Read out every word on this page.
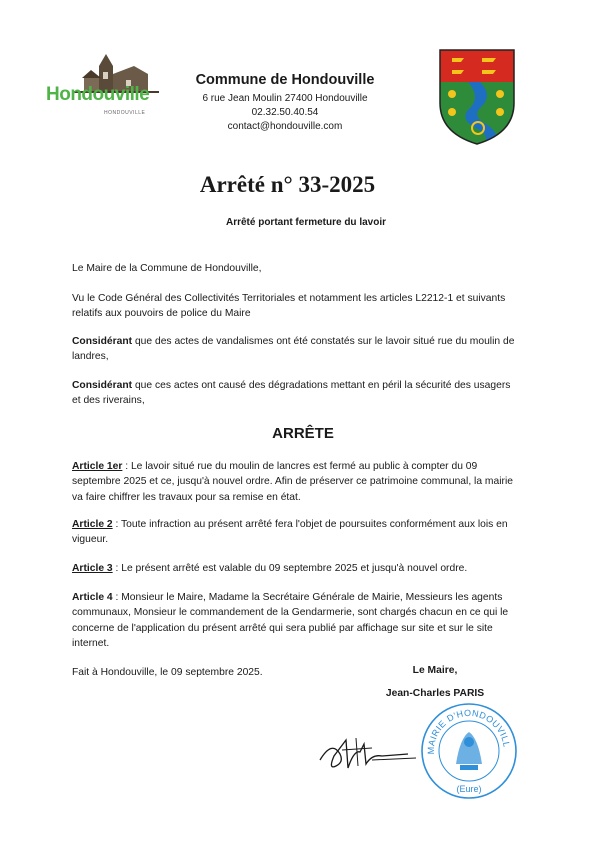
Hondouville
HONDOUVILLE
Commune de Hondouville
6 rue Jean Moulin 27400 Hondouville
02.32.50.40.54
contact@hondouville.com
Arrêté n° 33-2025
Arrêté portant fermeture du lavoir
Le Maire de la Commune de Hondouville,
Vu le Code Général des Collectivités Territoriales et notamment les articles L2212-1 et suivants relatifs aux pouvoirs de police du Maire
Considérant que des actes de vandalismes ont été constatés sur le lavoir situé rue du moulin de landres,
Considérant que ces actes ont causé des dégradations mettant en péril la sécurité des usagers et des riverains,
ARRÊTE
Article 1er : Le lavoir situé rue du moulin de lancres est fermé au public à compter du 09 septembre 2025 et ce, jusqu'à nouvel ordre. Afin de préserver ce patrimoine communal, la mairie va faire chiffrer les travaux pour sa remise en état.
Article 2 : Toute infraction au présent arrêté fera l'objet de poursuites conformément aux lois en vigueur.
Article 3 : Le présent arrêté est valable du 09 septembre 2025 et jusqu'à nouvel ordre.
Article 4 : Monsieur le Maire, Madame la Secrétaire Générale de Mairie, Messieurs les agents communaux, Monsieur le commandement de la Gendarmerie, sont chargés chacun en ce qui le concerne de l'application du présent arrêté qui sera publié par affichage sur site et sur le site internet.
Fait à Hondouville, le 09 septembre 2025.	Le Maire,
Jean-Charles PARIS
MAIRIE D'HONDOUVILL
(Eure)
